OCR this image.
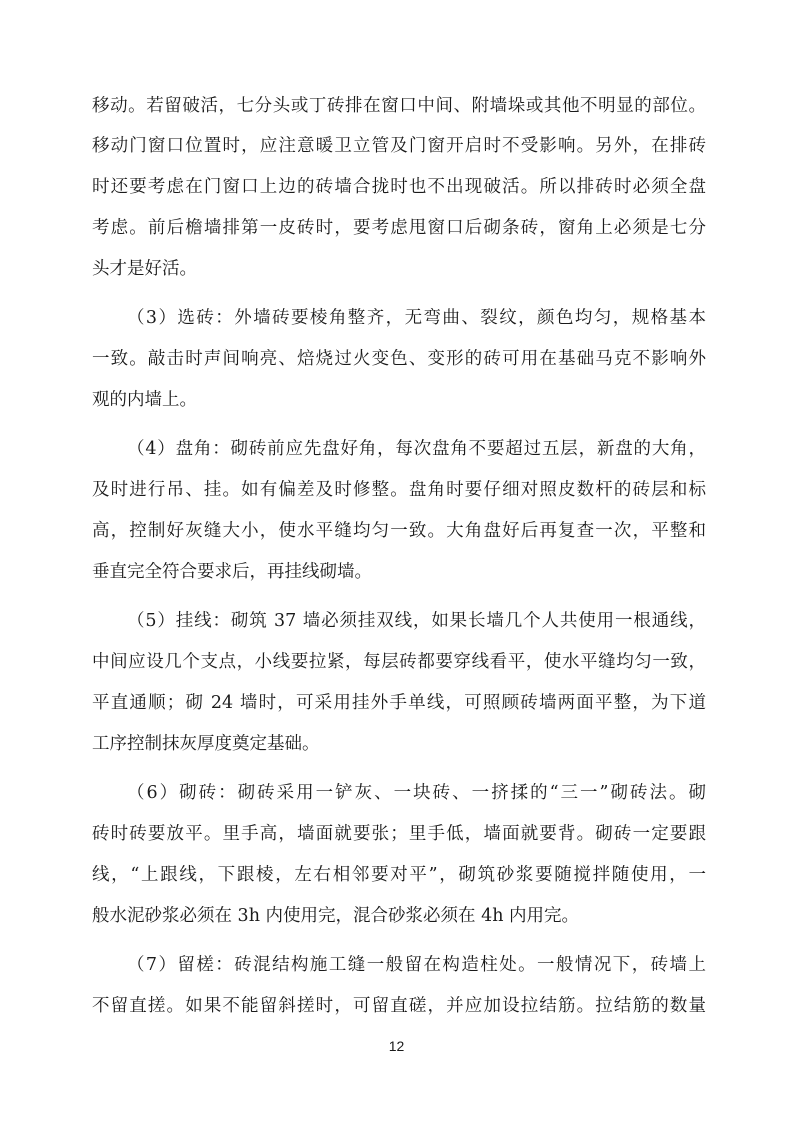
移动。若留破活，七分头或丁砖排在窗口中间、附墙垛或其他不明显的部位。
移动门窗口位置时，应注意暖卫立管及门窗开启时不受影响。另外，在排砖
时还要考虑在门窗口上边的砖墙合拢时也不出现破活。所以排砖时必须全盘
考虑。前后檐墙排第一皮砖时，要考虑甩窗口后砌条砖，窗角上必须是七分
头才是好活。
（3）选砖：外墙砖要棱角整齐，无弯曲、裂纹，颜色均匀，规格基本
一致。敲击时声间响亮、焙烧过火变色、变形的砖可用在基础马克不影响外
观的内墙上。
（4）盘角：砌砖前应先盘好角，每次盘角不要超过五层，新盘的大角，
及时进行吊、挂。如有偏差及时修整。盘角时要仔细对照皮数杆的砖层和标
高，控制好灰缝大小，使水平缝均匀一致。大角盘好后再复查一次，平整和
垂直完全符合要求后，再挂线砌墙。
（5）挂线：砌筑 37 墙必须挂双线，如果长墙几个人共使用一根通线，
中间应设几个支点，小线要拉紧，每层砖都要穿线看平，使水平缝均匀一致，
平直通顺；砌 24 墙时，可采用挂外手单线，可照顾砖墙两面平整，为下道
工序控制抹灰厚度奠定基础。
（6）砌砖：砌砖采用一铲灰、一块砖、一挤揉的“三一”砌砖法。砌
砖时砖要放平。里手高，墙面就要张；里手低，墙面就要背。砌砖一定要跟
线，“上跟线，下跟棱，左右相邻要对平”，砌筑砂浆要随搅拌随使用，一
般水泥砂浆必须在 3h 内使用完，混合砂浆必须在 4h 内用完。
（7）留槎：砖混结构施工缝一般留在构造柱处。一般情况下，砖墙上
不留直搓。如果不能留斜搓时，可留直磋，并应加设拉结筋。拉结筋的数量
12
